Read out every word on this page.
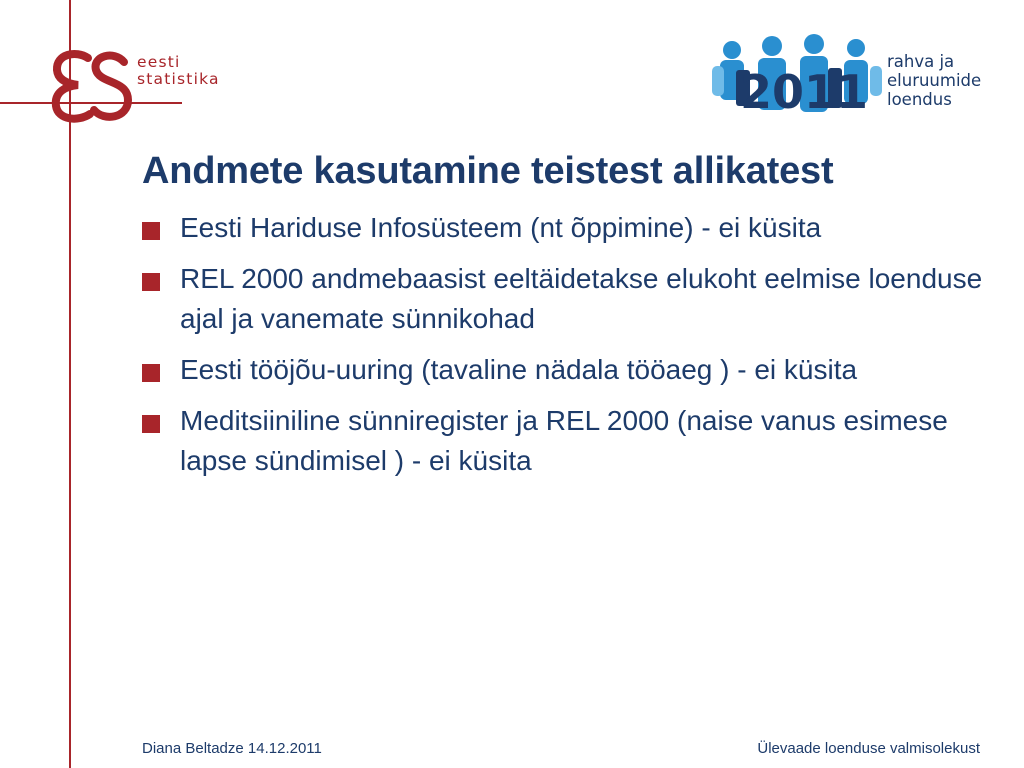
eesti
statistika	2011
rahva ja
eluruumide
loendus
Andmete kasutamine teistest allikatest
Eesti Hariduse Infosüsteem (nt õppimine) - ei küsita
REL 2000 andmebaasist eeltäidetakse elukoht eelmise loenduse ajal ja vanemate sünnikohad
Eesti tööjõu-uuring (tavaline nädala tööaeg ) - ei küsita
Meditsiiniline sünniregister ja REL 2000 (naise vanus esimese lapse sündimisel ) - ei küsita
Diana Beltadze 14.12.2011	Ülevaade loenduse valmisolekust
